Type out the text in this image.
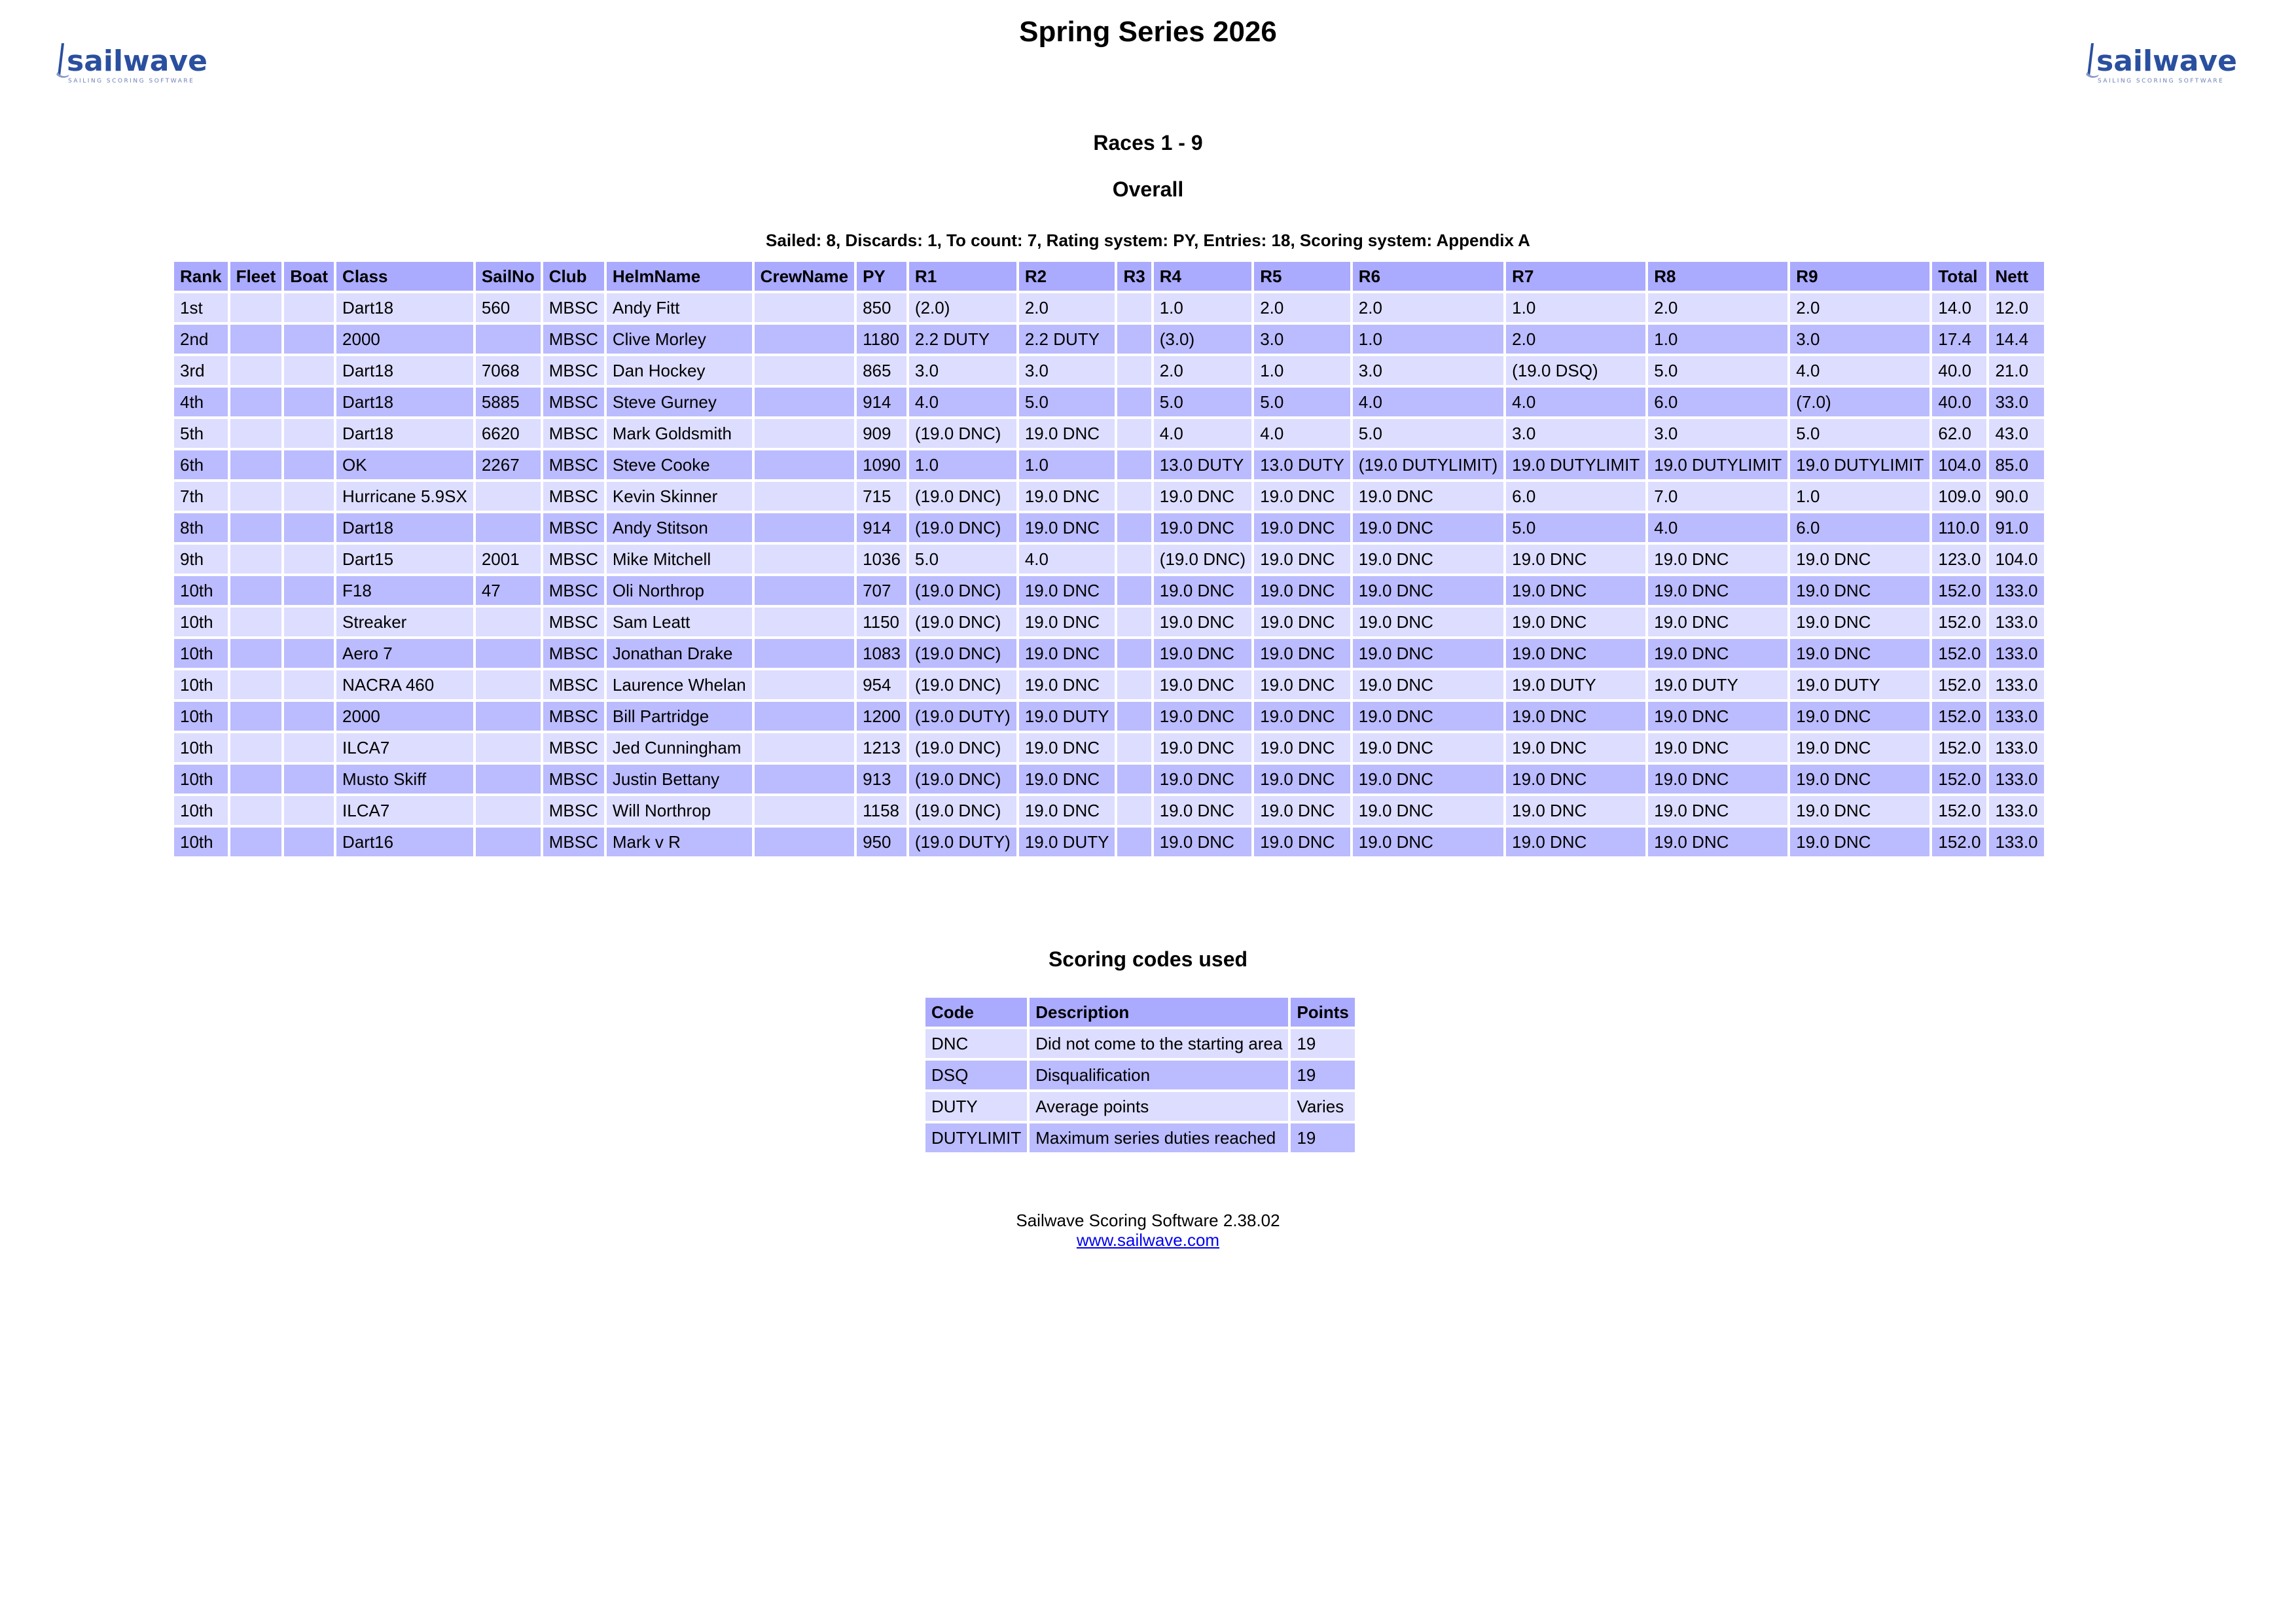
sailwave
SAILING SCORING SOFTWARE
sailwave
SAILING SCORING SOFTWARE
Spring Series 2026
Races 1 - 9
Overall
Sailed: 8, Discards: 1, To count: 7, Rating system: PY, Entries: 18, Scoring system: Appendix A
Rank	Fleet	Boat	Class	SailNo	Club	HelmName	CrewName	PY	R1	R2	R3	R4	R5	R6	R7	R8	R9	Total	Nett
1st			Dart18	560	MBSC	Andy Fitt		850	(2.0)	2.0		1.0	2.0	2.0	1.0	2.0	2.0	14.0	12.0
2nd			2000		MBSC	Clive Morley		1180	2.2 DUTY	2.2 DUTY		(3.0)	3.0	1.0	2.0	1.0	3.0	17.4	14.4
3rd			Dart18	7068	MBSC	Dan Hockey		865	3.0	3.0		2.0	1.0	3.0	(19.0 DSQ)	5.0	4.0	40.0	21.0
4th			Dart18	5885	MBSC	Steve Gurney		914	4.0	5.0		5.0	5.0	4.0	4.0	6.0	(7.0)	40.0	33.0
5th			Dart18	6620	MBSC	Mark Goldsmith		909	(19.0 DNC)	19.0 DNC		4.0	4.0	5.0	3.0	3.0	5.0	62.0	43.0
6th			OK	2267	MBSC	Steve Cooke		1090	1.0	1.0		13.0 DUTY	13.0 DUTY	(19.0 DUTYLIMIT)	19.0 DUTYLIMIT	19.0 DUTYLIMIT	19.0 DUTYLIMIT	104.0	85.0
7th			Hurricane 5.9SX		MBSC	Kevin Skinner		715	(19.0 DNC)	19.0 DNC		19.0 DNC	19.0 DNC	19.0 DNC	6.0	7.0	1.0	109.0	90.0
8th			Dart18		MBSC	Andy Stitson		914	(19.0 DNC)	19.0 DNC		19.0 DNC	19.0 DNC	19.0 DNC	5.0	4.0	6.0	110.0	91.0
9th			Dart15	2001	MBSC	Mike Mitchell		1036	5.0	4.0		(19.0 DNC)	19.0 DNC	19.0 DNC	19.0 DNC	19.0 DNC	19.0 DNC	123.0	104.0
10th			F18	47	MBSC	Oli Northrop		707	(19.0 DNC)	19.0 DNC		19.0 DNC	19.0 DNC	19.0 DNC	19.0 DNC	19.0 DNC	19.0 DNC	152.0	133.0
10th			Streaker		MBSC	Sam Leatt		1150	(19.0 DNC)	19.0 DNC		19.0 DNC	19.0 DNC	19.0 DNC	19.0 DNC	19.0 DNC	19.0 DNC	152.0	133.0
10th			Aero 7		MBSC	Jonathan Drake		1083	(19.0 DNC)	19.0 DNC		19.0 DNC	19.0 DNC	19.0 DNC	19.0 DNC	19.0 DNC	19.0 DNC	152.0	133.0
10th			NACRA 460		MBSC	Laurence Whelan		954	(19.0 DNC)	19.0 DNC		19.0 DNC	19.0 DNC	19.0 DNC	19.0 DUTY	19.0 DUTY	19.0 DUTY	152.0	133.0
10th			2000		MBSC	Bill Partridge		1200	(19.0 DUTY)	19.0 DUTY		19.0 DNC	19.0 DNC	19.0 DNC	19.0 DNC	19.0 DNC	19.0 DNC	152.0	133.0
10th			ILCA7		MBSC	Jed Cunningham		1213	(19.0 DNC)	19.0 DNC		19.0 DNC	19.0 DNC	19.0 DNC	19.0 DNC	19.0 DNC	19.0 DNC	152.0	133.0
10th			Musto Skiff		MBSC	Justin Bettany		913	(19.0 DNC)	19.0 DNC		19.0 DNC	19.0 DNC	19.0 DNC	19.0 DNC	19.0 DNC	19.0 DNC	152.0	133.0
10th			ILCA7		MBSC	Will Northrop		1158	(19.0 DNC)	19.0 DNC		19.0 DNC	19.0 DNC	19.0 DNC	19.0 DNC	19.0 DNC	19.0 DNC	152.0	133.0
10th			Dart16		MBSC	Mark v R		950	(19.0 DUTY)	19.0 DUTY		19.0 DNC	19.0 DNC	19.0 DNC	19.0 DNC	19.0 DNC	19.0 DNC	152.0	133.0
Scoring codes used
Code	Description	Points
DNC	Did not come to the starting area	19
DSQ	Disqualification	19
DUTY	Average points	Varies
DUTYLIMIT	Maximum series duties reached	19
Sailwave Scoring Software 2.38.02
www.sailwave.com
